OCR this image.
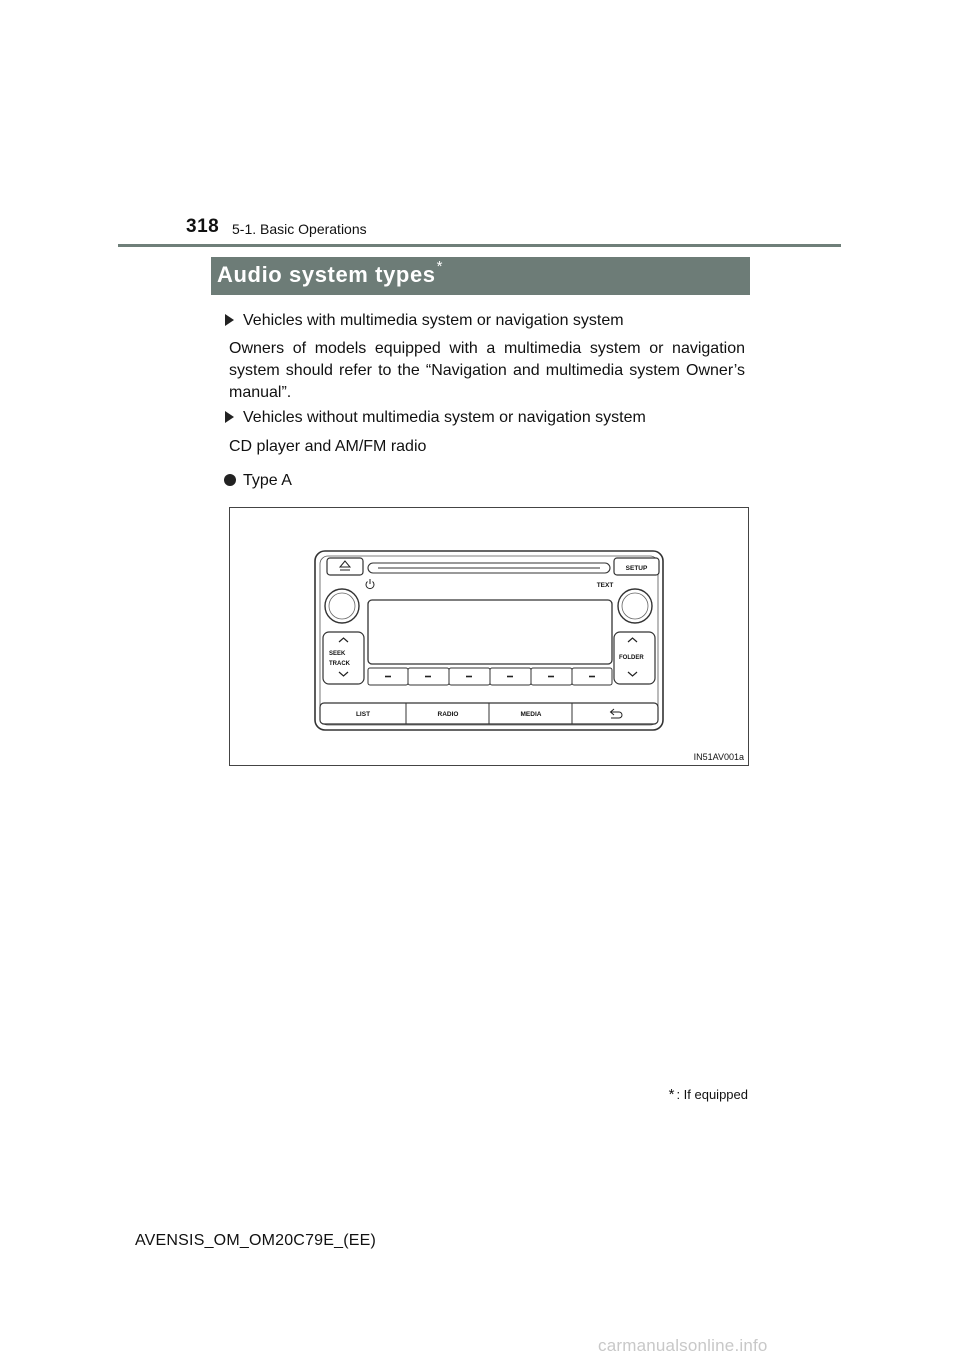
318 5-1. Basic Operations
Audio system types*
Vehicles with multimedia system or navigation system
Owners of models equipped with a multimedia system or navigation system should refer to the “Navigation and multimedia system Owner’s manual”.
Vehicles without multimedia system or navigation system
CD player and AM/FM radio
Type A
SETUP
TEXT
SEEK
TRACK
FOLDER
LIST	RADIO	MEDIA
IN51AV001a
* : If equipped
AVENSIS_OM_OM20C79E_(EE)
carmanualsonline.info
